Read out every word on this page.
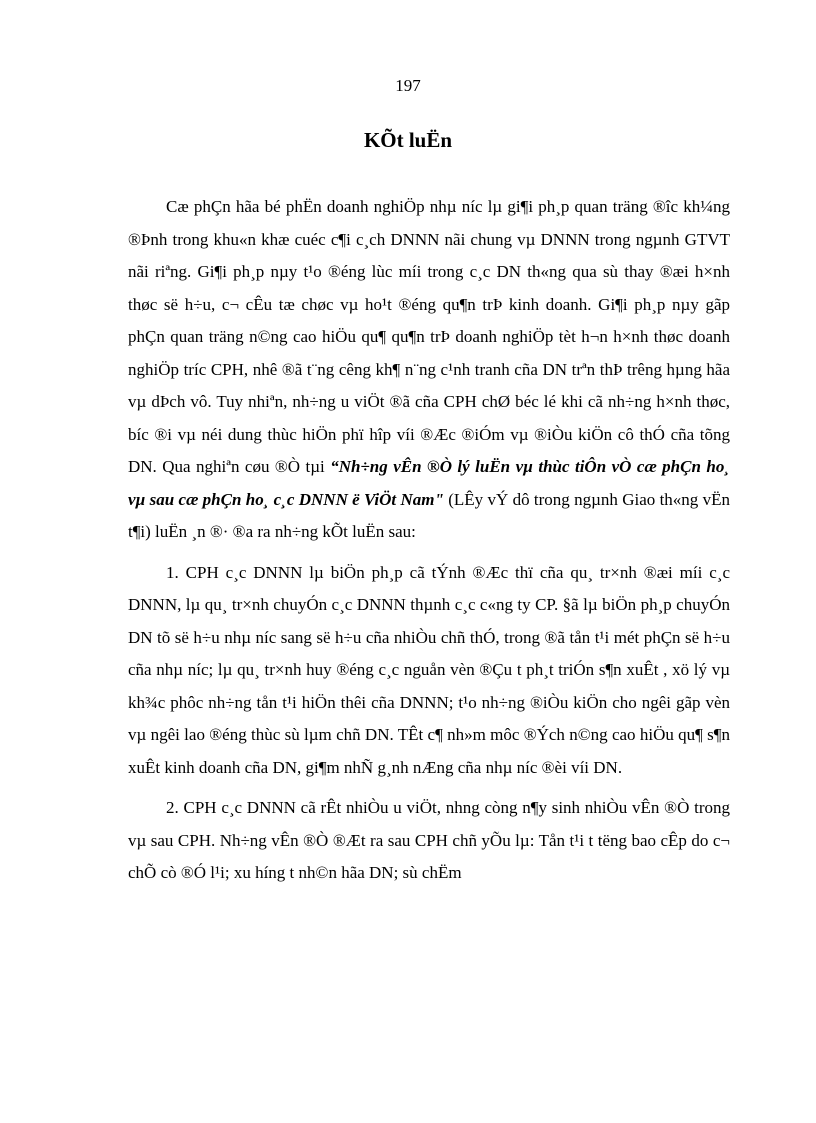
197
KÕt luËn

Cæ phÇn hãa bé phËn doanh nghiÖp nhµ níc lµ gi¶i ph¸p quan träng ®îc kh¼ng ®Þnh trong khu«n khæ cuéc c¶i c¸ch DNNN nãi chung vµ DNNN trong ngµnh GTVT nãi riªng. Gi¶i ph¸p nµy t¹o ®éng lùc míi trong c¸c DN th«ng qua sù thay ®æi h×nh thøc së h÷u, c¬ cÊu tæ chøc vµ ho¹t ®éng qu¶n trÞ kinh doanh. Gi¶i ph¸p nµy gãp phÇn quan träng n©ng cao hiÖu qu¶ qu¶n trÞ doanh nghiÖp tèt h¬n h×nh thøc doanh nghiÖp tríc CPH, nhê ®ã t¨ng cêng kh¶ n¨ng c¹nh tranh cña DN trªn thÞ trêng hµng hãa vµ dÞch vô. Tuy nhiªn, nh÷ng u viÖt ®ã cña CPH chØ béc lé khi cã nh÷ng h×nh thøc, bíc ®i vµ néi dung thùc hiÖn phï hîp víi ®Æc ®iÓm vµ ®iÒu kiÖn cô thÓ cña tõng DN. Qua nghiªn cøu ®Ò tµi “Nh÷ng vÊn ®Ò lý luËn vµ thùc tiÔn vÒ cæ phÇn ho¸ vµ sau cæ phÇn ho¸ c¸c DNNN ë ViÖt Nam" (LÊy vÝ dô trong ngµnh Giao th«ng vËn t¶i) luËn ¸n ®· ®a ra nh÷ng kÕt luËn sau:

1. CPH c¸c DNNN lµ biÖn ph¸p cã tÝnh ®Æc thï cña qu¸ tr×nh ®æi míi c¸c DNNN, lµ qu¸ tr×nh chuyÓn c¸c DNNN thµnh c¸c c«ng ty CP. §ã lµ biÖn ph¸p chuyÓn DN tõ së h÷u nhµ níc sang së h÷u cña nhiÒu chñ thÓ, trong ®ã tån t¹i mét phÇn së h÷u cña nhµ níc; lµ qu¸ tr×nh huy ®éng c¸c nguån vèn ®Çu t ph¸t triÓn s¶n xuÊt , xö lý vµ kh¾c phôc nh÷ng tån t¹i hiÖn thêi cña DNNN; t¹o nh÷ng ®iÒu kiÖn cho ngêi gãp vèn vµ ngêi lao ®éng thùc sù lµm chñ DN. TÊt c¶ nh»m môc ®Ých n©ng cao hiÖu qu¶ s¶n xuÊt kinh doanh cña DN, gi¶m nhÑ g¸nh nÆng cña nhµ níc ®èi víi DN.

2. CPH c¸c DNNN cã rÊt nhiÒu u viÖt, nhng còng n¶y sinh nhiÒu vÊn ®Ò trong vµ sau CPH. Nh÷ng vÊn ®Ò ®Æt ra sau CPH chñ yÕu lµ: Tån t¹i t tëng bao cÊp do c¬ chÕ cò ®Ó l¹i; xu híng t nh©n hãa DN; sù chËm
